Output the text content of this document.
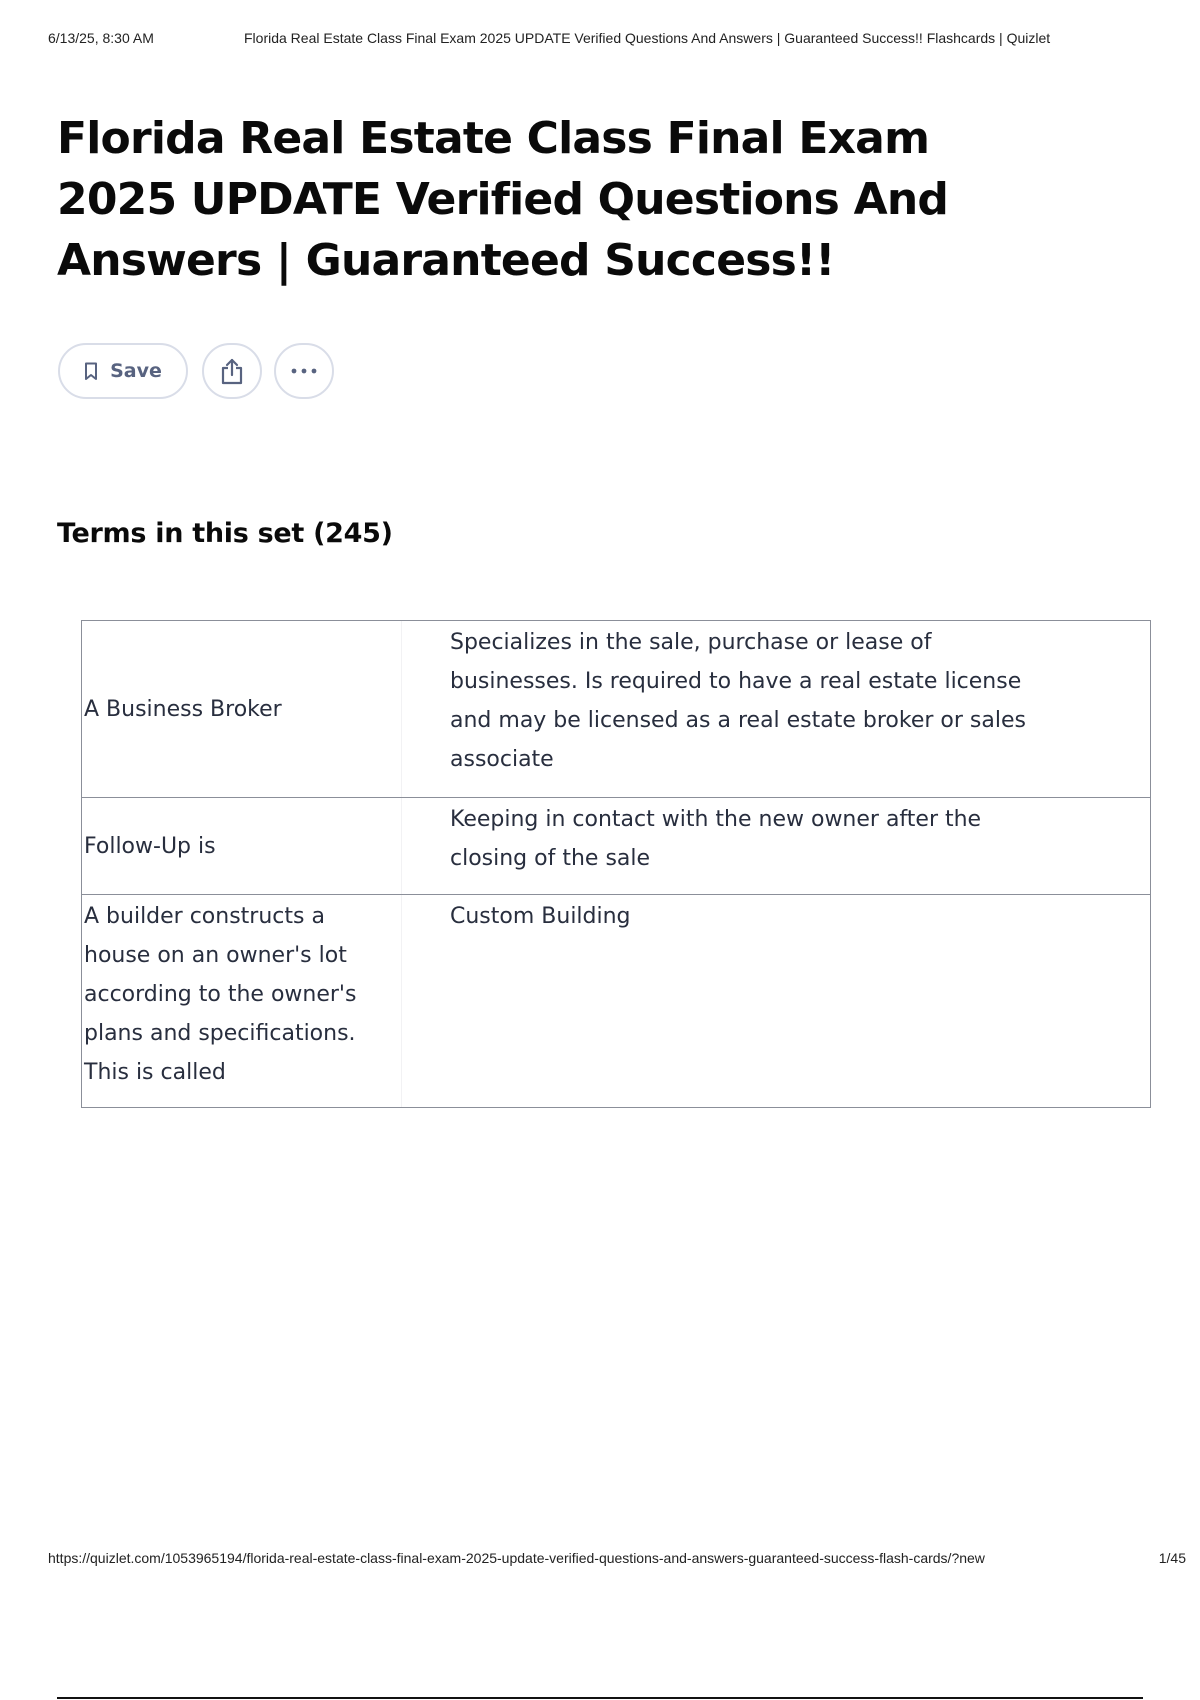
6/13/25, 8:30 AM	Florida Real Estate Class Final Exam 2025 UPDATE Verified Questions And Answers | Guaranteed Success!! Flashcards | Quizlet
Florida Real Estate Class Final Exam 2025 UPDATE Verified Questions And Answers | Guaranteed Success!!
Save
Terms in this set (245)
A Business Broker
Specializes in the sale, purchase or lease of businesses. Is required to have a real estate license and may be licensed as a real estate broker or sales associate
Follow-Up is
Keeping in contact with the new owner after the closing of the sale
A builder constructs a house on an owner's lot according to the owner's plans and specifications. This is called
Custom Building
https://quizlet.com/1053965194/florida-real-estate-class-final-exam-2025-update-verified-questions-and-answers-guaranteed-success-flash-cards/?new	1/45
